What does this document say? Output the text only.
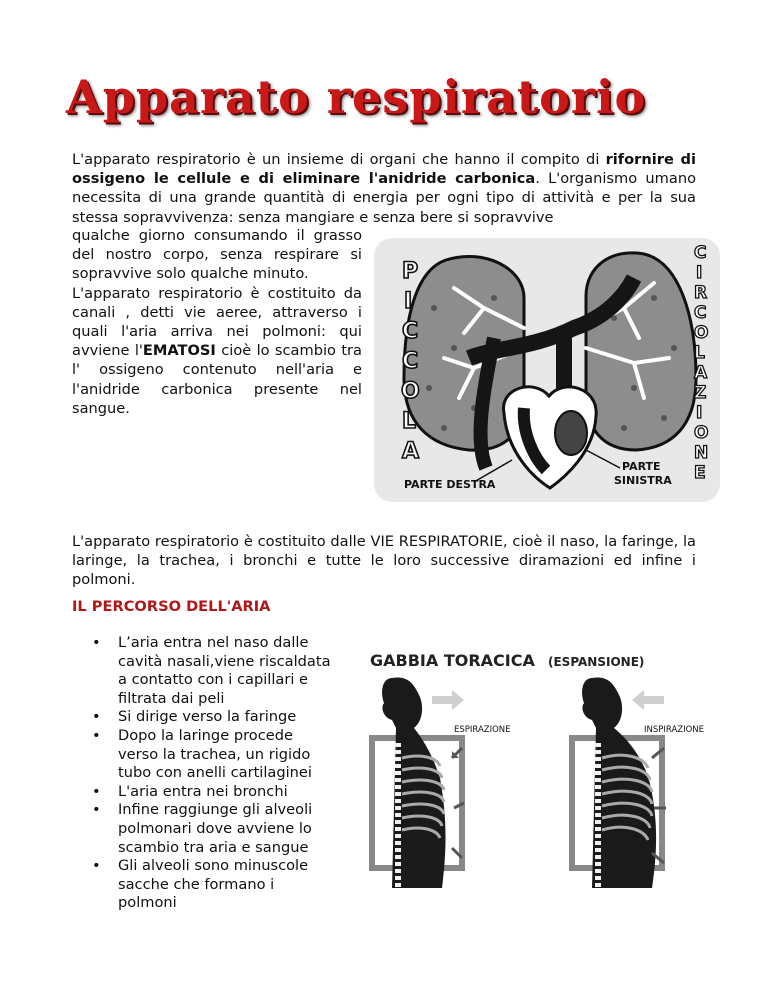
Apparato respiratorio

L'apparato respiratorio è un insieme di organi che hanno il compito di rifornire di ossigeno le cellule e di eliminare l'anidride carbonica. L'organismo umano necessita di una grande quantità di energia per ogni tipo di attività e per la sua stessa sopravvivenza: senza mangiare e senza bere si sopravvive

qualche giorno consumando il grasso del nostro corpo, senza respirare si sopravvive solo qualche minuto.
L'apparato respiratorio è costituito da canali , detti vie aeree, attraverso i quali l'aria arriva nei polmoni: qui avviene l'EMATOSI cioè lo scambio tra l' ossigeno contenuto nell'aria e l'anidride carbonica presente nel sangue.

P
I
C
C
O
L
A
C
I
R
C
O
L
A
Z
I
O
N
E
PARTE DESTRA
PARTE
SINISTRA

L'apparato respiratorio è costituito dalle VIE RESPIRATORIE, cioè il naso, la faringe, la laringe, la trachea, i bronchi e tutte le loro successive diramazioni ed infine i polmoni.

IL PERCORSO DELL'ARIA
• L’aria entra nel naso dalle cavità nasali,viene riscaldata a contatto con i capillari e filtrata dai peli
• Si dirige verso la faringe
• Dopo la laringe procede verso la trachea, un rigido tubo con anelli cartilaginei
• L'aria entra nei bronchi
• Infine raggiunge gli alveoli polmonari dove avviene lo scambio tra aria e sangue
• Gli alveoli sono minuscole sacche che formano i polmoni
GABBIA TORACICA (ESPANSIONE)
ESPIRAZIONE	INSPIRAZIONE
